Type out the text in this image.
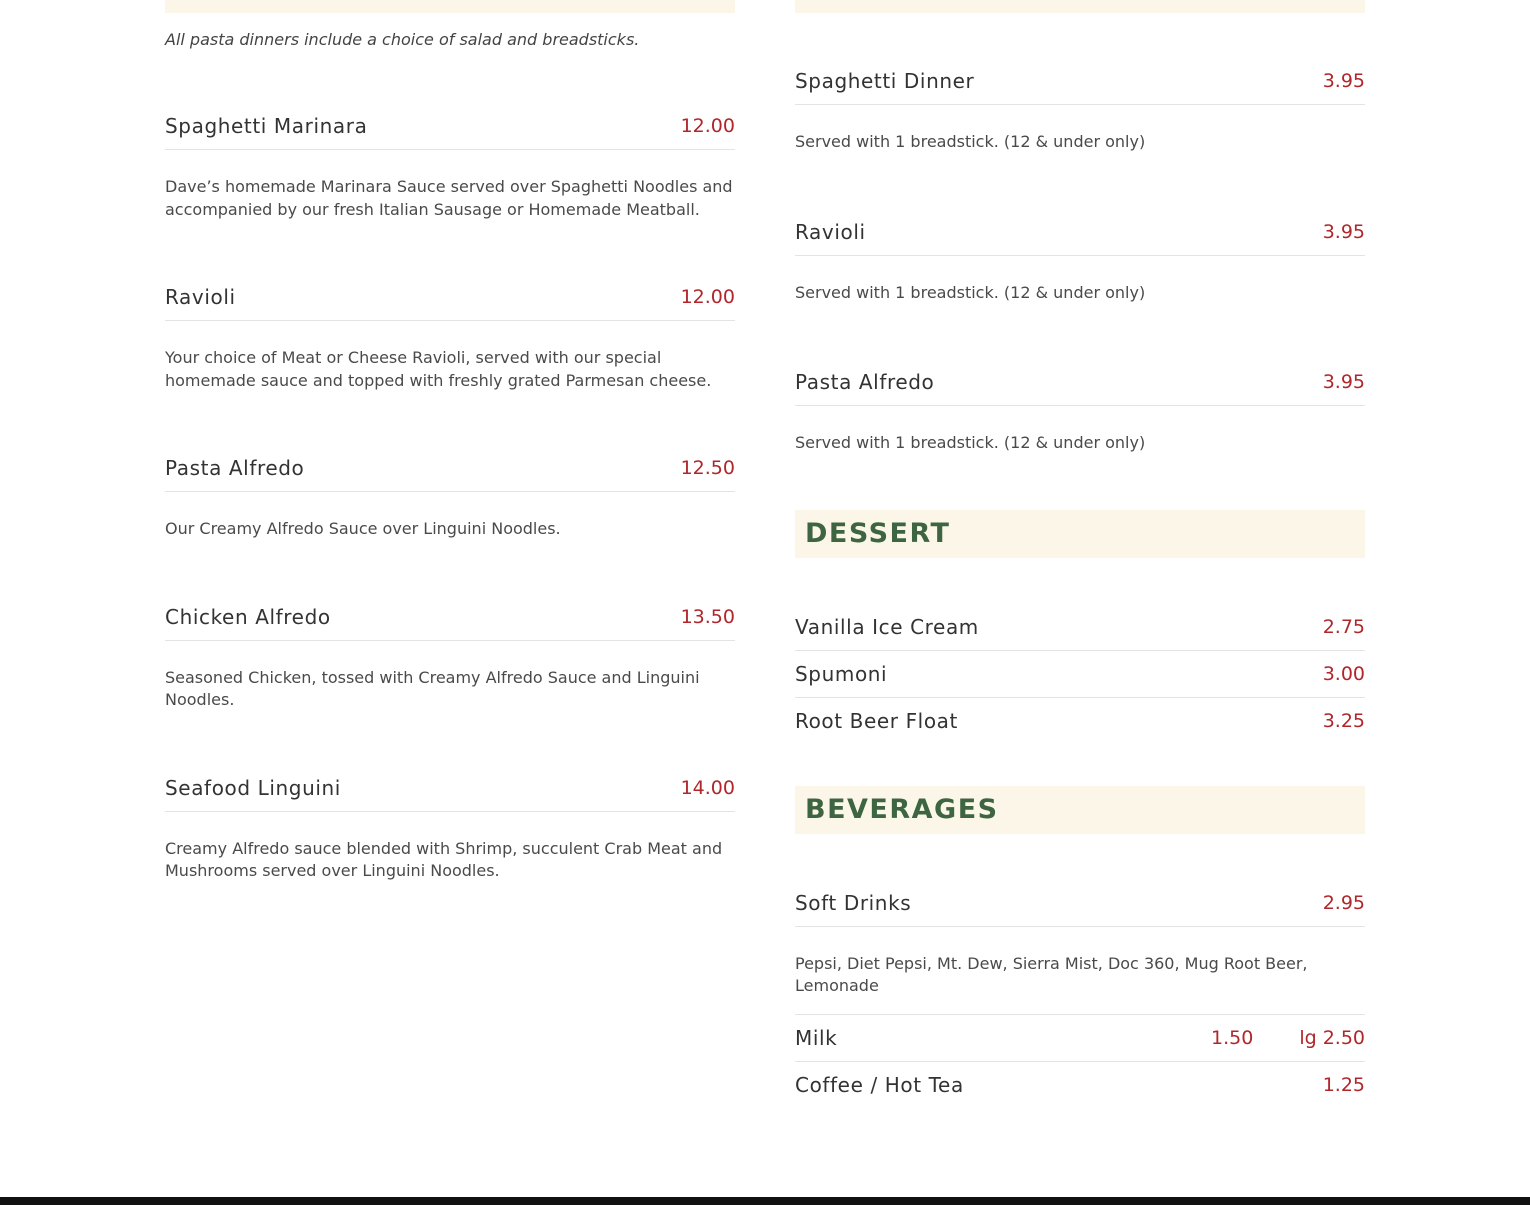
All pasta dinners include a choice of salad and breadsticks.
Spaghetti Marinara	12.00
Dave’s homemade Marinara Sauce served over Spaghetti Noodles and accompanied by our fresh Italian Sausage or Homemade Meatball.
Ravioli	12.00
Your choice of Meat or Cheese Ravioli, served with our special homemade sauce and topped with freshly grated Parmesan cheese.
Pasta Alfredo	12.50
Our Creamy Alfredo Sauce over Linguini Noodles.
Chicken Alfredo	13.50
Seasoned Chicken, tossed with Creamy Alfredo Sauce and Linguini Noodles.
Seafood Linguini	14.00
Creamy Alfredo sauce blended with Shrimp, succulent Crab Meat and Mushrooms served over Linguini Noodles.
Spaghetti Dinner	3.95
Served with 1 breadstick. (12 & under only)
Ravioli	3.95
Served with 1 breadstick. (12 & under only)
Pasta Alfredo	3.95
Served with 1 breadstick. (12 & under only)
DESSERT
Vanilla Ice Cream	2.75
Spumoni	3.00
Root Beer Float	3.25
BEVERAGES
Soft Drinks	2.95
Pepsi, Diet Pepsi, Mt. Dew, Sierra Mist, Doc 360, Mug Root Beer, Lemonade
Milk	1.50 lg 2.50
Coffee / Hot Tea	1.25
